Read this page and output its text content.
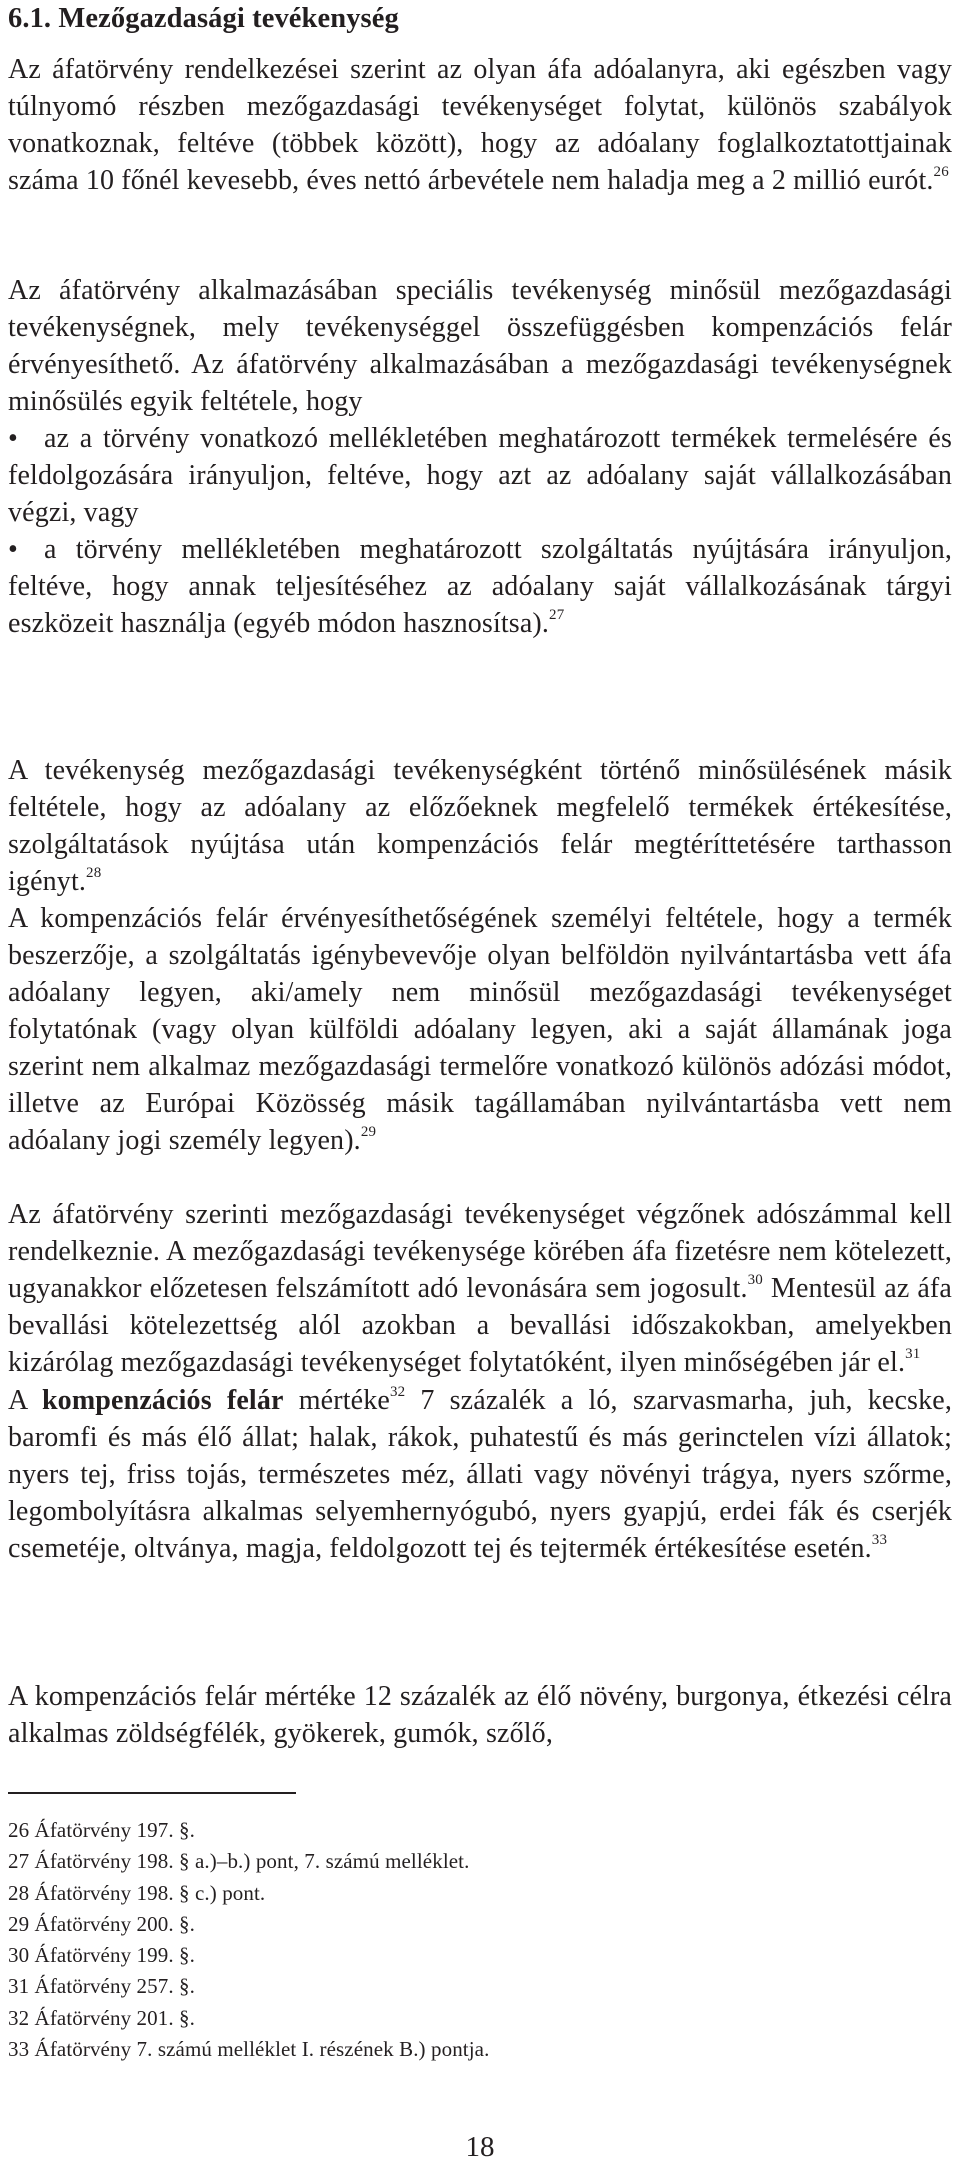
6.1. Mezőgazdasági tevékenység

Az áfatörvény rendelkezései szerint az olyan áfa adóalanyra, aki egészben vagy túlnyomó részben mezőgazdasági tevékenységet folytat, különös szabályok vonatkoznak, feltéve (többek között), hogy az adóalany foglalkoztatottjainak száma 10 főnél kevesebb, éves nettó árbevétele nem haladja meg a 2 millió eurót.$^{26}$

Az áfatörvény alkalmazásában speciális tevékenység minősül mezőgazdasági tevékenységnek, mely tevékenységgel összefüggésben kompenzációs felár érvényesíthető. Az áfatörvény alkalmazásában a mezőgazdasági tevékenységnek minősülés egyik feltétele, hogy

• az a törvény vonatkozó mellékletében meghatározott termékek termelésére és feldolgozására irányuljon, feltéve, hogy azt az adóalany saját vállalkozásában végzi, vagy
• a törvény mellékletében meghatározott szolgáltatás nyújtására irányuljon, feltéve, hogy annak teljesítéséhez az adóalany saját vállalkozásának tárgyi eszközeit használja (egyéb módon hasznosítsa).$^{27}$

A tevékenység mezőgazdasági tevékenységként történő minősülésének másik feltétele, hogy az adóalany az előzőeknek megfelelő termékek értékesítése, szolgáltatások nyújtása után kompenzációs felár megtéríttetésére tarthasson igényt.$^{28}$

A kompenzációs felár érvényesíthetőségének személyi feltétele, hogy a termék beszerzője, a szolgáltatás igénybevevője olyan belföldön nyilvántartásba vett áfa adóalany legyen, aki/amely nem minősül mezőgazdasági tevékenységet folytatónak (vagy olyan külföldi adóalany legyen, aki a saját államának joga szerint nem alkalmaz mezőgazdasági termelőre vonatkozó különös adózási módot, illetve az Európai Közösség másik tagállamában nyilvántartásba vett nem adóalany jogi személy legyen).$^{29}$

Az áfatörvény szerinti mezőgazdasági tevékenységet végzőnek adószámmal kell rendelkeznie. A mezőgazdasági tevékenysége körében áfa fizetésre nem kötelezett, ugyanakkor előzetesen felszámított adó levonására sem jogosult.$^{30}$ Mentesül az áfa bevallási kötelezettség alól azokban a bevallási időszakokban, amelyekben kizárólag mezőgazdasági tevékenységet folytatóként, ilyen minőségében jár el.$^{31}$

A kompenzációs felár mértéke$^{32}$ 7 százalék a ló, szarvasmarha, juh, kecske, baromfi és más élő állat; halak, rákok, puhatestű és más gerinctelen vízi állatok; nyers tej, friss tojás, természetes méz, állati vagy növényi trágya, nyers szőrme, legombolyításra alkalmas selyemhernyógubó, nyers gyapjú, erdei fák és cserjék csemetéje, oltványa, magja, feldolgozott tej és tejtermék értékesítése esetén.$^{33}$

A kompenzációs felár mértéke 12 százalék az élő növény, burgonya, étkezési célra alkalmas zöldségfélék, gyökerek, gumók, szőlő,

26 Áfatörvény 197. §.
27 Áfatörvény 198. § a.)–b.) pont, 7. számú melléklet.
28 Áfatörvény 198. § c.) pont.
29 Áfatörvény 200. §.
30 Áfatörvény 199. §.
31 Áfatörvény 257. §.
32 Áfatörvény 201. §.
33 Áfatörvény 7. számú melléklet I. részének B.) pontja.
18
